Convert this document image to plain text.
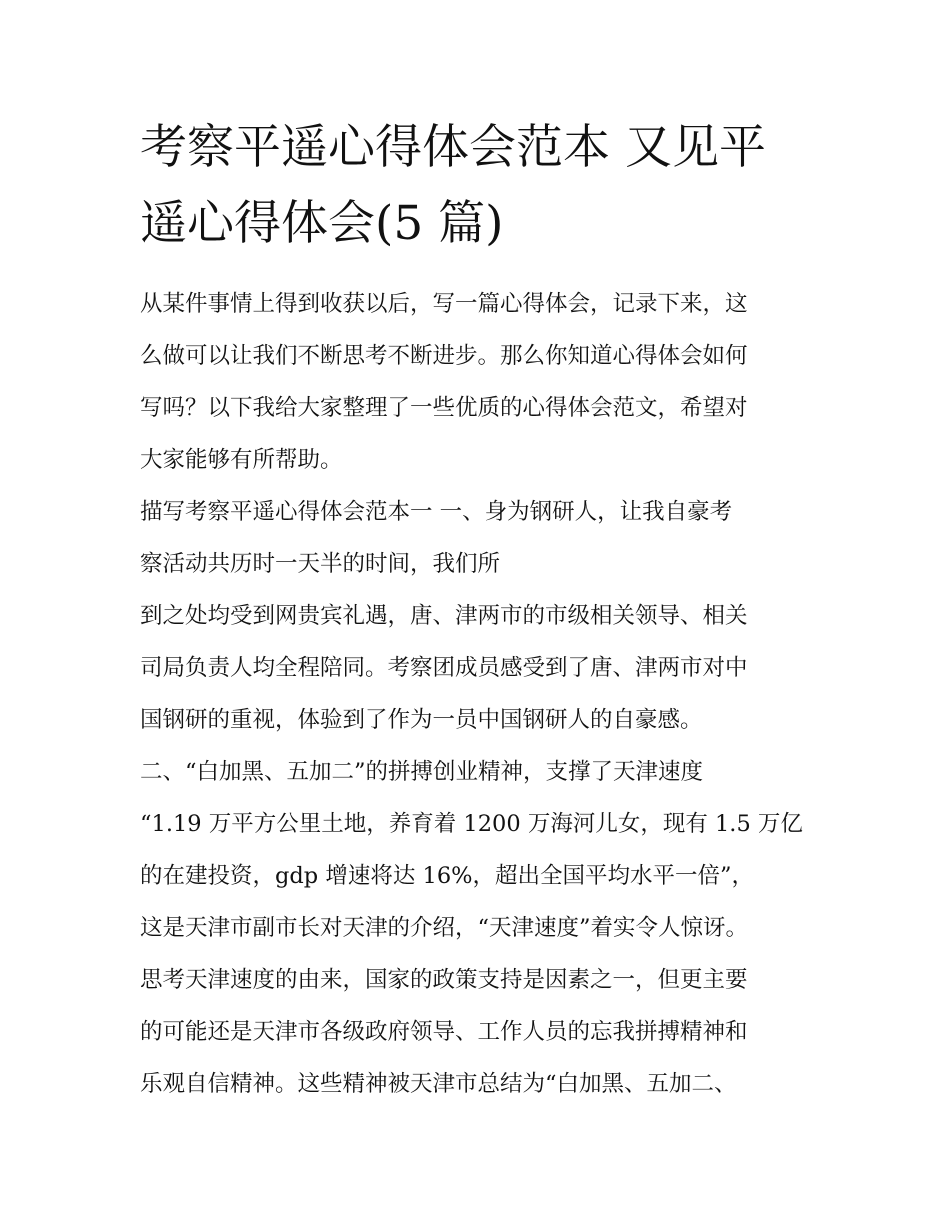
考察平遥心得体会范本 又见平
遥心得体会(5 篇)
从某件事情上得到收获以后，写一篇心得体会，记录下来，这
么做可以让我们不断思考不断进步。那么你知道心得体会如何
写吗？以下我给大家整理了一些优质的心得体会范文，希望对
大家能够有所帮助。
描写考察平遥心得体会范本一 一、身为钢研人，让我自豪考
察活动共历时一天半的时间，我们所
到之处均受到网贵宾礼遇，唐、津两市的市级相关领导、相关
司局负责人均全程陪同。考察团成员感受到了唐、津两市对中
国钢研的重视，体验到了作为一员中国钢研人的自豪感。
二、“白加黑、五加二”的拼搏创业精神，支撑了天津速度
“1.19 万平方公里土地，养育着 1200 万海河儿女，现有 1.5 万亿
的在建投资，gdp 增速将达 16%，超出全国平均水平一倍”，
这是天津市副市长对天津的介绍，“天津速度”着实令人惊讶。
思考天津速度的由来，国家的政策支持是因素之一，但更主要
的可能还是天津市各级政府领导、工作人员的忘我拼搏精神和
乐观自信精神。这些精神被天津市总结为“白加黑、五加二、
